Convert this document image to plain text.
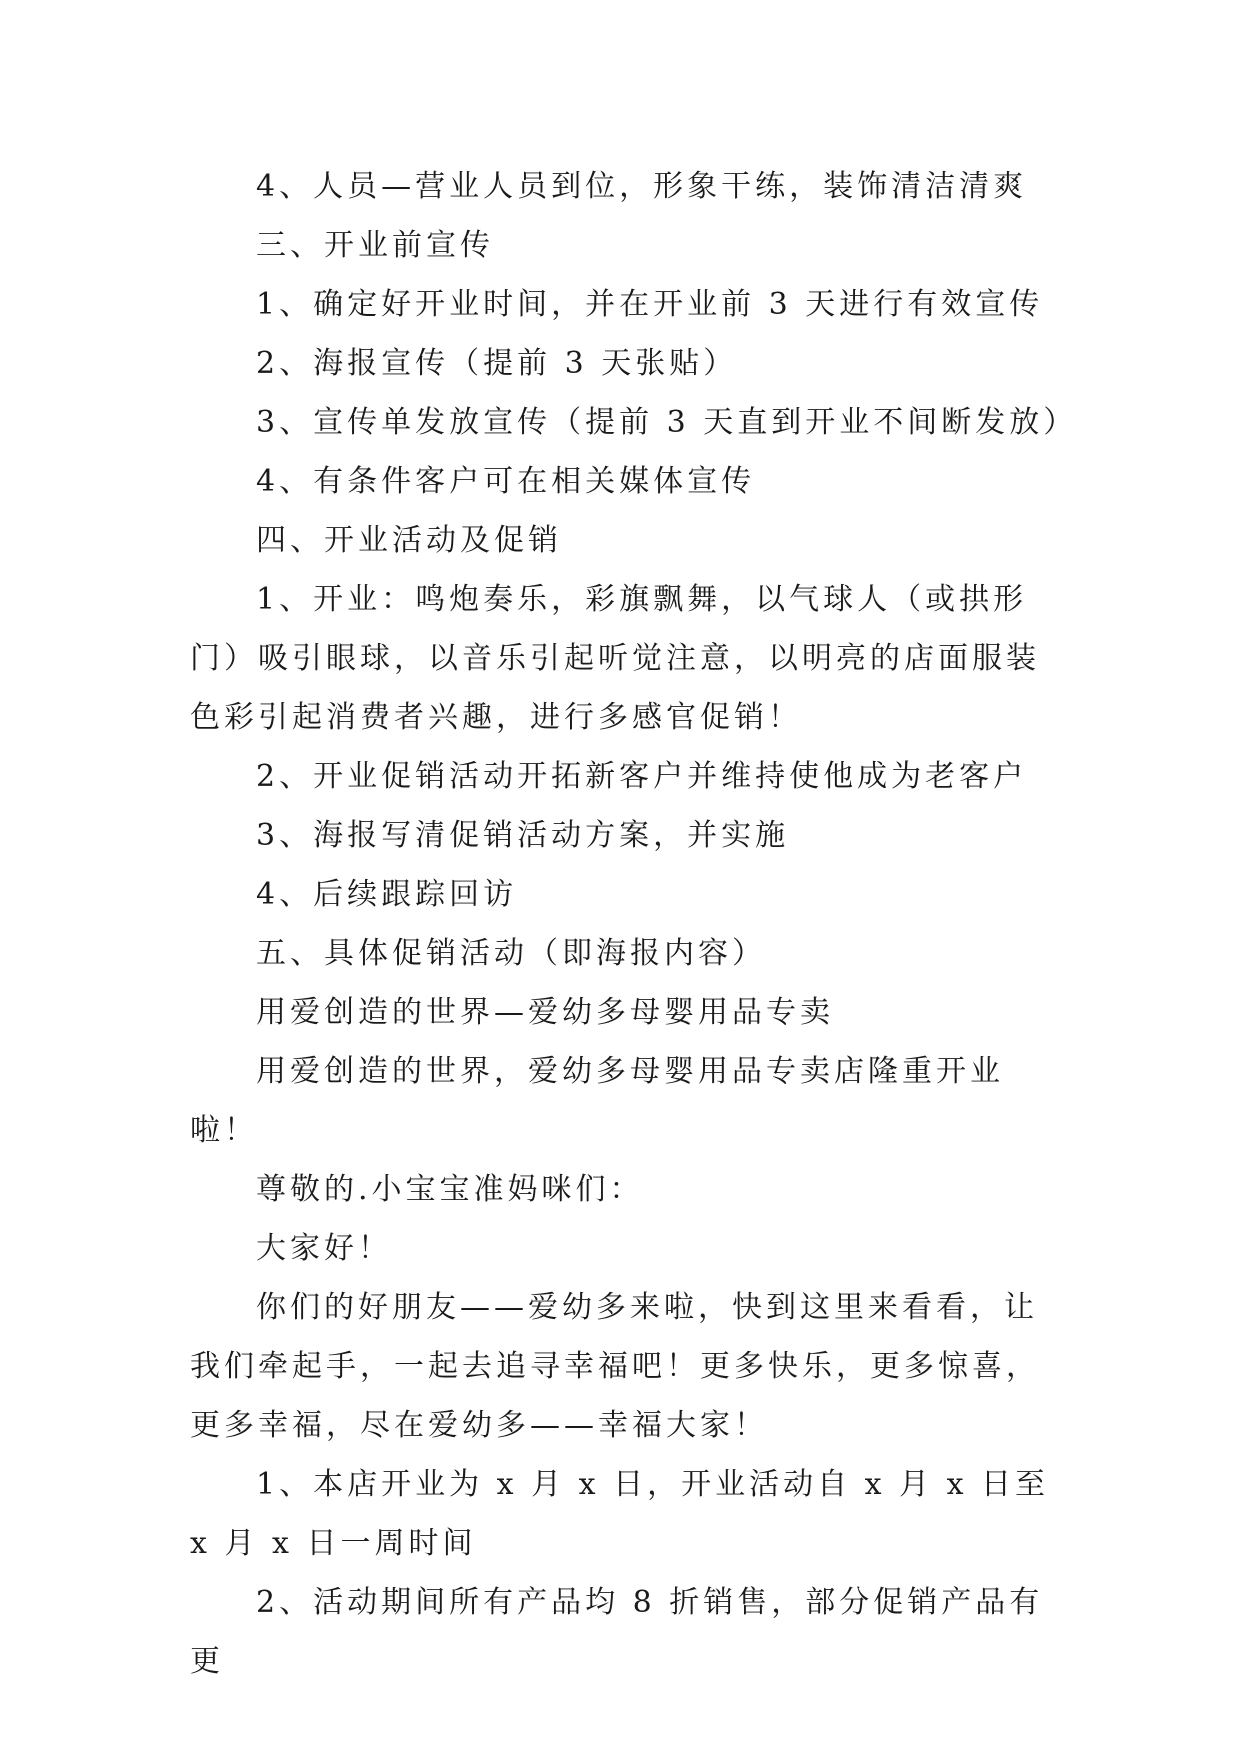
4、人员—营业人员到位，形象干练，装饰清洁清爽

三、开业前宣传

1、确定好开业时间，并在开业前 3 天进行有效宣传

2、海报宣传（提前 3 天张贴）

3、宣传单发放宣传（提前 3 天直到开业不间断发放）

4、有条件客户可在相关媒体宣传

四、开业活动及促销

1、开业：鸣炮奏乐，彩旗飘舞，以气球人（或拱形门）吸引眼球，以音乐引起听觉注意，以明亮的店面服装色彩引起消费者兴趣，进行多感官促销！

2、开业促销活动开拓新客户并维持使他成为老客户

3、海报写清促销活动方案，并实施

4、后续跟踪回访

五、具体促销活动（即海报内容）

用爱创造的世界—爱幼多母婴用品专卖

用爱创造的世界，爱幼多母婴用品专卖店隆重开业啦！

尊敬的.小宝宝准妈咪们：

大家好！

你们的好朋友——爱幼多来啦，快到这里来看看，让我们牵起手，一起去追寻幸福吧！更多快乐，更多惊喜，更多幸福，尽在爱幼多——幸福大家！

1、本店开业为 x 月 x 日，开业活动自 x 月 x 日至 x 月 x 日一周时间

2、活动期间所有产品均 8 折销售，部分促销产品有更
